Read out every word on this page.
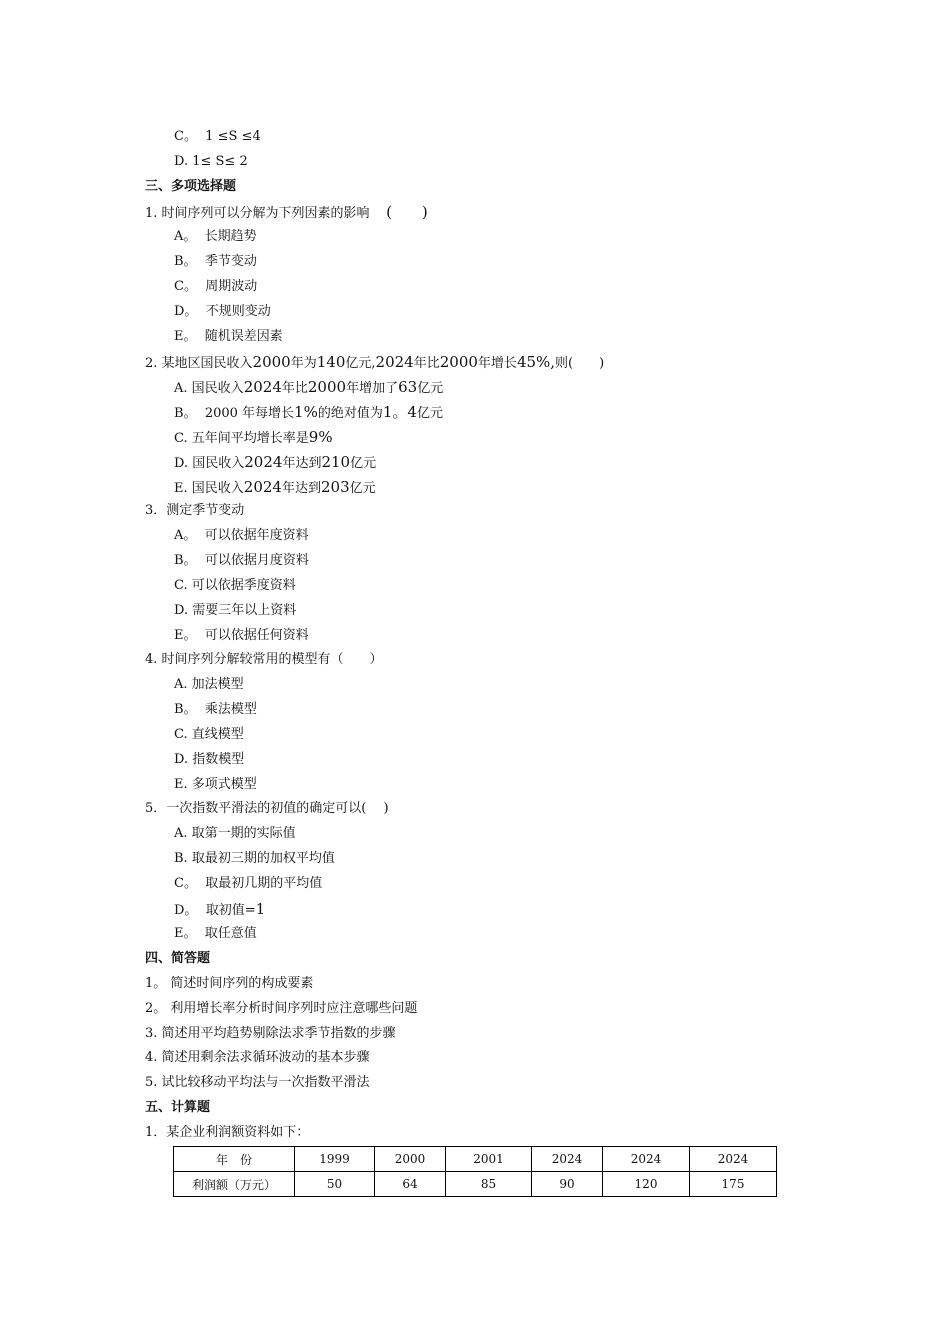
C。 1 ≤S ≤4
D. 1≤ S≤ 2
三、多项选择题
1. 时间序列可以分解为下列因素的影响 (　　)
A。 长期趋势
B。 季节变动
C。 周期波动
D。 不规则变动
E。 随机误差因素
2. 某地区国民收入2000年为140亿元,2024年比2000年增长45%,则(　　)
A. 国民收入2024年比2000年增加了63亿元
B。 2000 年每增长1%的绝对值为1。4亿元
C. 五年间平均增长率是9%
D. 国民收入2024年达到210亿元
E. 国民收入2024年达到203亿元
3．测定季节变动
A。 可以依据年度资料
B。 可以依据月度资料
C. 可以依据季度资料
D. 需要三年以上资料
E。 可以依据任何资料
4. 时间序列分解较常用的模型有（　　）
A. 加法模型
B。 乘法模型
C. 直线模型
D. 指数模型
E. 多项式模型
5．一次指数平滑法的初值的确定可以(　 )
A. 取第一期的实际值
B. 取最初三期的加权平均值
C。 取最初几期的平均值
D。 取初值=1
E。 取任意值
四、简答题
1。 简述时间序列的构成要素
2。 利用增长率分析时间序列时应注意哪些问题
3. 简述用平均趋势剔除法求季节指数的步骤
4. 简述用剩余法求循环波动的基本步骤
5. 试比较移动平均法与一次指数平滑法
五、计算题
1．某企业利润额资料如下：
年　份	1999	2000	2001	2024	2024	2024
利润额（万元）	50	64	85	90	120	175
